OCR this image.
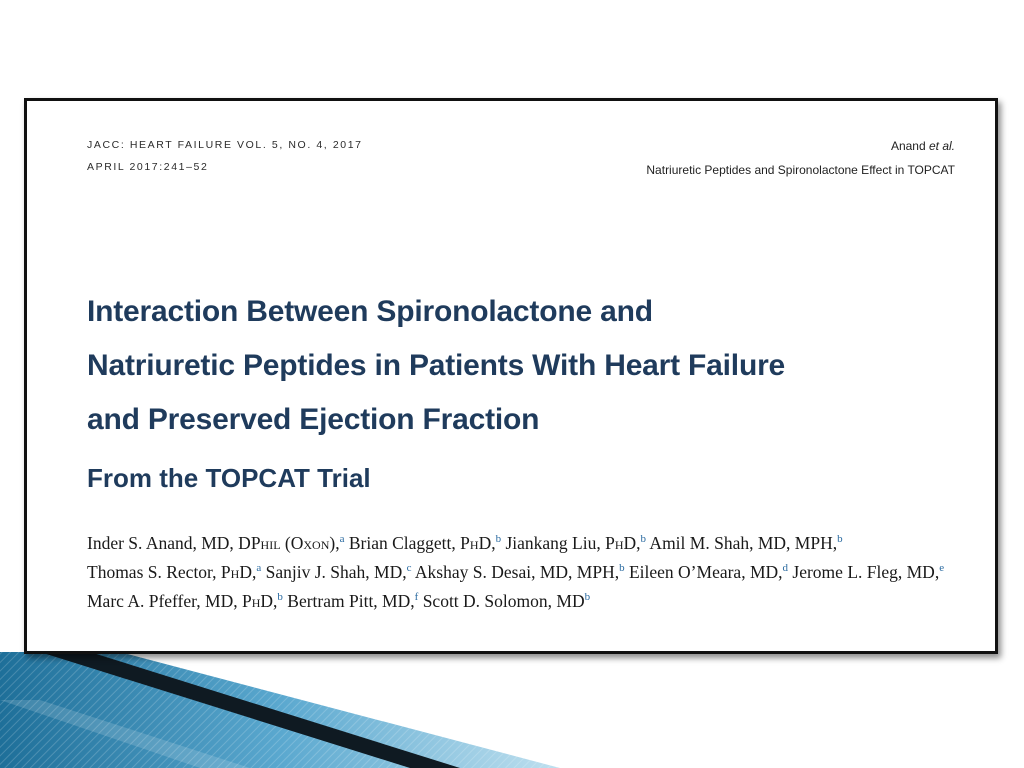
JACC: HEART FAILURE VOL. 5, NO. 4, 2017
APRIL 2017:241–52
Anand et al.
Natriuretic Peptides and Spironolactone Effect in TOPCAT
Interaction Between Spironolactone and
Natriuretic Peptides in Patients With Heart Failure
and Preserved Ejection Fraction
From the TOPCAT Trial
Inder S. Anand, MD, DPhil (Oxon),$^a$ Brian Claggett, PhD,$^b$ Jiankang Liu, PhD,$^b$ Amil M. Shah, MD, MPH,$^b$
Thomas S. Rector, PhD,$^a$ Sanjiv J. Shah, MD,$^c$ Akshay S. Desai, MD, MPH,$^b$ Eileen O’Meara, MD,$^d$ Jerome L. Fleg, MD,$^e$
Marc A. Pfeffer, MD, PhD,$^b$ Bertram Pitt, MD,$^f$ Scott D. Solomon, $MD^b$
